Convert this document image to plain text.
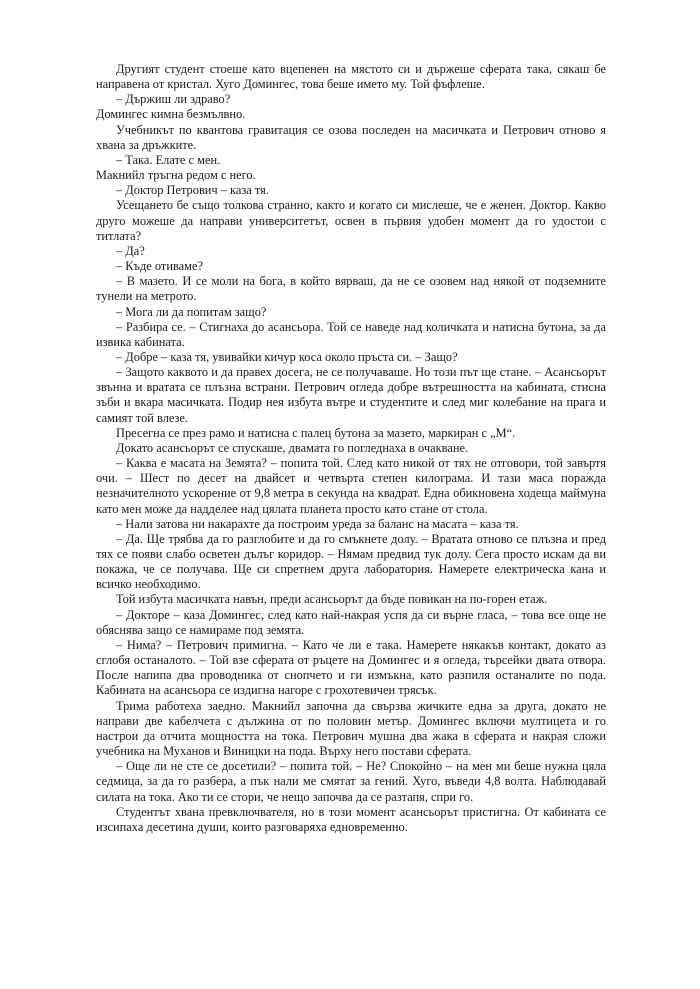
Другият студент стоеше като вцепенен на мястото си и държеше сферата така, сякаш бе направена от кристал. Хуго Домингес, това беше името му. Той фъфлеше.

– Държиш ли здраво?

Домингес кимна безмълвно.

Учебникът по квантова гравитация се озова последен на масичката и Петрович отново я хвана за дръжките.

– Така. Елате с мен.

Макнийл тръгна редом с него.

– Доктор Петрович – каза тя.

Усещането бе също толкова странно, както и когато си мислеше, че е женен. Доктор. Какво друго можеше да направи университетът, освен в първия удобен момент да го удостои с титлата?

– Да?

– Къде отиваме?

– В мазето. И се моли на бога, в който вярваш, да не се озовем над някой от подземните тунели на метрото.

– Мога ли да попитам защо?

– Разбира се. – Стигнаха до асансьора. Той се наведе над количката и натисна бутона, за да извика кабината.

– Добре – каза тя, увивайки кичур коса около пръста си. – Защо?

– Защото каквото и да правех досега, не се получаваше. Но този път ще стане. – Асансьорът звънна и вратата се плъзна встрани. Петрович огледа добре вътрешността на кабината, стисна зъби и вкара масичката. Подир нея избута вътре и студентите и след миг колебание на прага и самият той влезе.

Пресегна се през рамо и натисна с палец бутона за мазето, маркиран с „М“.

Докато асансьорът се спускаше, двамата го погледнаха в очакване.

– Каква е масата на Земята? – попита той. След като никой от тях не отговори, той завъртя очи. – Шест по десет на двайсет и четвърта степен килограма. И тази маса поражда незначителното ускорение от 9,8 метра в секунда на квадрат. Една обикновена ходеща маймуна като мен може да надделее над цялата планета просто като стане от стола.

– Нали затова ни накарахте да построим уреда за баланс на масата – каза тя.

– Да. Ще трябва да го разглобите и да го смъкнете долу. – Вратата отново се плъзна и пред тях се появи слабо осветен дълъг коридор. – Нямам предвид тук долу. Сега просто искам да ви покажа, че се получава. Ще си спретнем друга лаборатория. Намерете електрическа кана и всичко необходимо.

Той избута масичката навън, преди асансьорът да бъде повикан на по-горен етаж.

– Докторе – каза Домингес, след като най-накрая успя да си върне гласа, – това все още не обяснява защо се намираме под земята.

– Нима? – Петрович примигна. – Като че ли е така. Намерете някакъв контакт, докато аз сглобя останалото. – Той взе сферата от ръцете на Домингес и я огледа, търсейки двата отвора. После напипа два проводника от снопчето и ги измъкна, като разпиля останалите по пода. Кабината на асансьора се издигна нагоре с грохотевичен трясък.

Трима работеха заедно. Макнийл започна да свързва жичките една за друга, докато не направи две кабелчета с дължина от по половин метър. Домингес включи мултицета и го настрои да отчита мощността на тока. Петрович мушна два жака в сферата и накрая сложи учебника на Муханов и Виницки на пода. Върху него постави сферата.

– Още ли не сте се досетили? – попита той. – Не? Спокойно – на мен ми беше нужна цяла седмица, за да го разбера, а пък нали ме смятат за гений. Хуго, въведи 4,8 волта. Наблюдавай силата на тока. Ако ти се стори, че нещо започва да се разтапя, спри го.

Студентът хвана превключвателя, но в този момент асансьорът пристигна. От кабината се изсипаха десетина души, които разговаряха едновременно.
